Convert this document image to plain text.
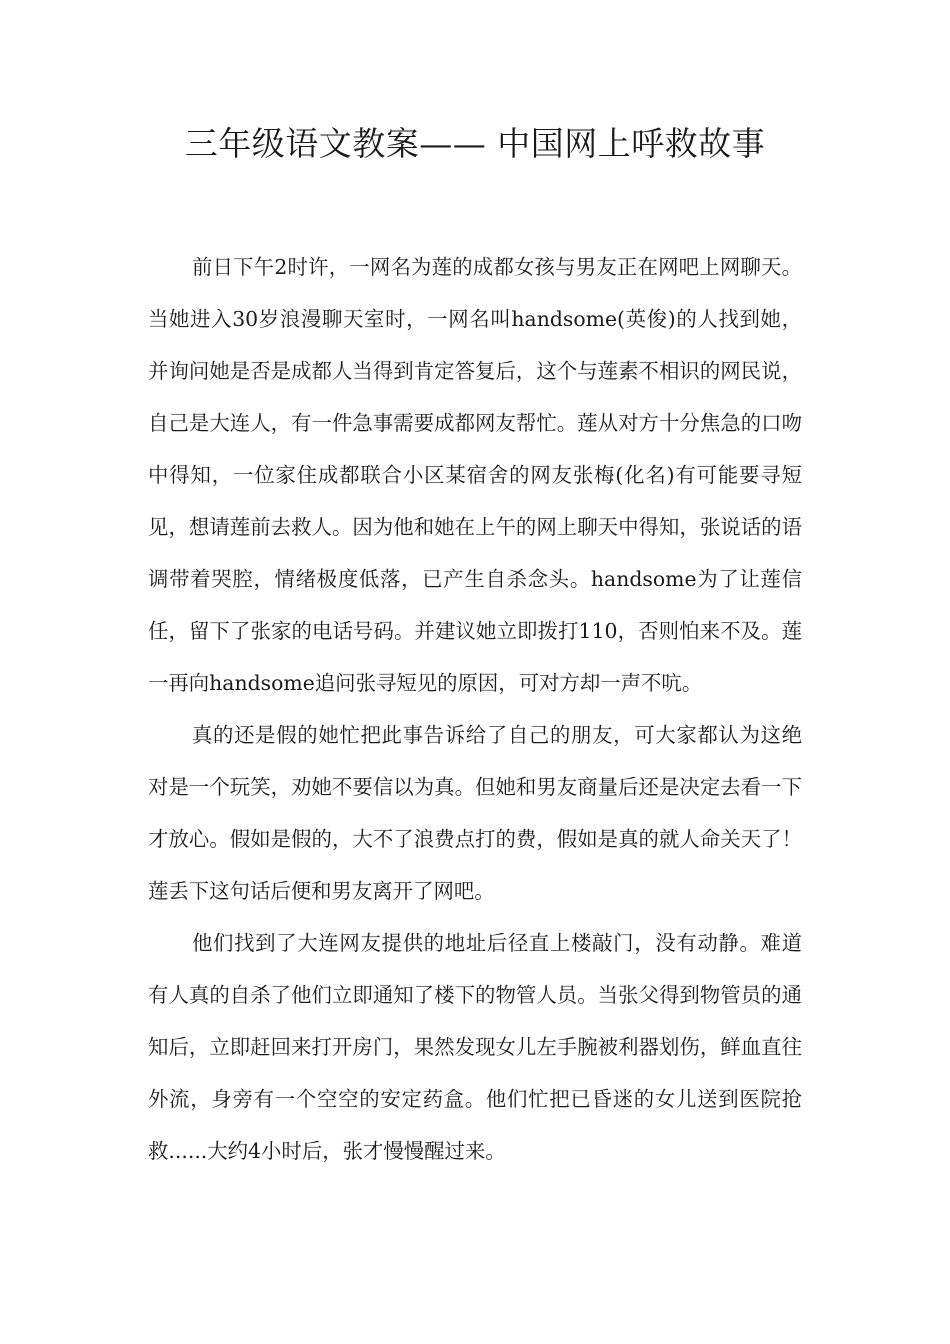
三年级语文教案—— 中国网上呼救故事

前日下午2时许，一网名为莲的成都女孩与男友正在网吧上网聊天。当她进入30岁浪漫聊天室时，一网名叫handsome(英俊)的人找到她，并询问她是否是成都人当得到肯定答复后，这个与莲素不相识的网民说，自己是大连人，有一件急事需要成都网友帮忙。莲从对方十分焦急的口吻中得知，一位家住成都联合小区某宿舍的网友张梅(化名)有可能要寻短见，想请莲前去救人。因为他和她在上午的网上聊天中得知，张说话的语调带着哭腔，情绪极度低落，已产生自杀念头。handsome为了让莲信任，留下了张家的电话号码。并建议她立即拨打110，否则怕来不及。莲一再向handsome追问张寻短见的原因，可对方却一声不吭。

真的还是假的她忙把此事告诉给了自己的朋友，可大家都认为这绝对是一个玩笑，劝她不要信以为真。但她和男友商量后还是决定去看一下才放心。假如是假的，大不了浪费点打的费，假如是真的就人命关天了！莲丢下这句话后便和男友离开了网吧。

他们找到了大连网友提供的地址后径直上楼敲门，没有动静。难道有人真的自杀了他们立即通知了楼下的物管人员。当张父得到物管员的通知后，立即赶回来打开房门，果然发现女儿左手腕被利器划伤，鲜血直往外流，身旁有一个空空的安定药盒。他们忙把已昏迷的女儿送到医院抢救......大约4小时后，张才慢慢醒过来。
